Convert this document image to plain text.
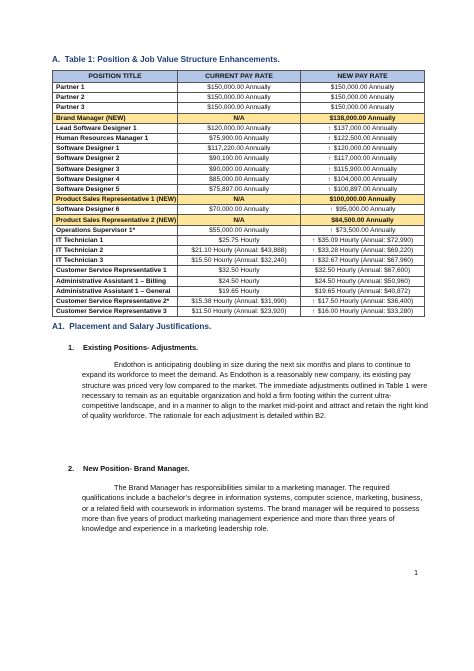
A.  Table 1: Position & Job Value Structure Enhancements.
POSITION TITLE	CURRENT PAY RATE	NEW PAY RATE
Partner 1	$150,000.00 Annually	$150,000.00 Annually
Partner 2	$150,000.00 Annually	$150,000.00 Annually
Partner 3	$150,000.00 Annually	$150,000.00 Annually
Brand Manager (NEW)	N/A	$138,000.00 Annually
Lead Software Designer 1	$120,000.00 Annually	↑ $137,000.00 Annually
Human Resources Manager 1	$75,900.00 Annually	↑ $122,500.00 Annually
Software Designer 1	$117,220.00 Annually	↑ $120,000.00 Annually
Software Designer 2	$90,100.00 Annually	↑ $117,000.00 Annually
Software Designer 3	$90,000.00 Annually	↑ $115,900.00 Annually
Software Designer 4	$85,000.00 Annually	↑ $104,000.00 Annually
Software Designer 5	$75,897.00 Annually	↑ $100,897.00 Annually
Product Sales Representative 1 (NEW)	N/A	$100,000.00 Annually
Software Designer 6	$70,000.00 Annually	↑ $95,000.00 Annually
Product Sales Representative 2 (NEW)	N/A	$84,500.00 Annually
Operations Supervisor 1*	$55,000.00 Annually	↑ $73,500.00 Annually
IT Technician 1	$25.75 Hourly	↑ $35.09 Hourly (Annual: $72,990)
IT Technician 2	$21.10 Hourly (Annual: $43,888)	↑ $33.28 Hourly (Annual: $69,220)
IT Technician 3	$15.50 Hourly (Annual: $32,240)	↑ $32.67 Hourly (Annual: $67,960)
Customer Service Representative 1	$32.50 Hourly	$32.50 Hourly (Annual: $67,600)
Administrative Assistant 1 – Billing	$24.50 Hourly	$24.50 Hourly (Annual: $50,960)
Administrative Assistant 1 – General	$19.65 Hourly	$19.65 Hourly (Annual: $40,872)
Customer Service Representative 2*	$15.38 Hourly (Annual: $31,990)	↑ $17.50 Hourly (Annual: $36,400)
Customer Service Representative 3	$11.50 Hourly (Annual: $23,920)	↑ $16.00 Hourly (Annual: $33,280)
A1.  Placement and Salary Justifications.
1. Existing Positions- Adjustments.

Endothon is anticipating doubling in size during the next six months and plans to continue to expand its workforce to meet the demand. As Endothon is a reasonably new company, its existing pay structure was priced very low compared to the market. The immediate adjustments outlined in Table 1 were necessary to remain as an equitable organization and hold a firm footing within the current ultra-competitive landscape, and in a manner to align to the market mid-point and attract and retain the right kind of quality workforce. The rationale for each adjustment is detailed within B2.

2. New Position- Brand Manager.

The Brand Manager has responsibilities similar to a marketing manager. The required qualifications include a bachelor’s degree in information systems, computer science, marketing, business, or a related field with coursework in information systems. The brand manager will be required to possess more than five years of product marketing management experience and more than three years of knowledge and experience in a marketing leadership role.

1
